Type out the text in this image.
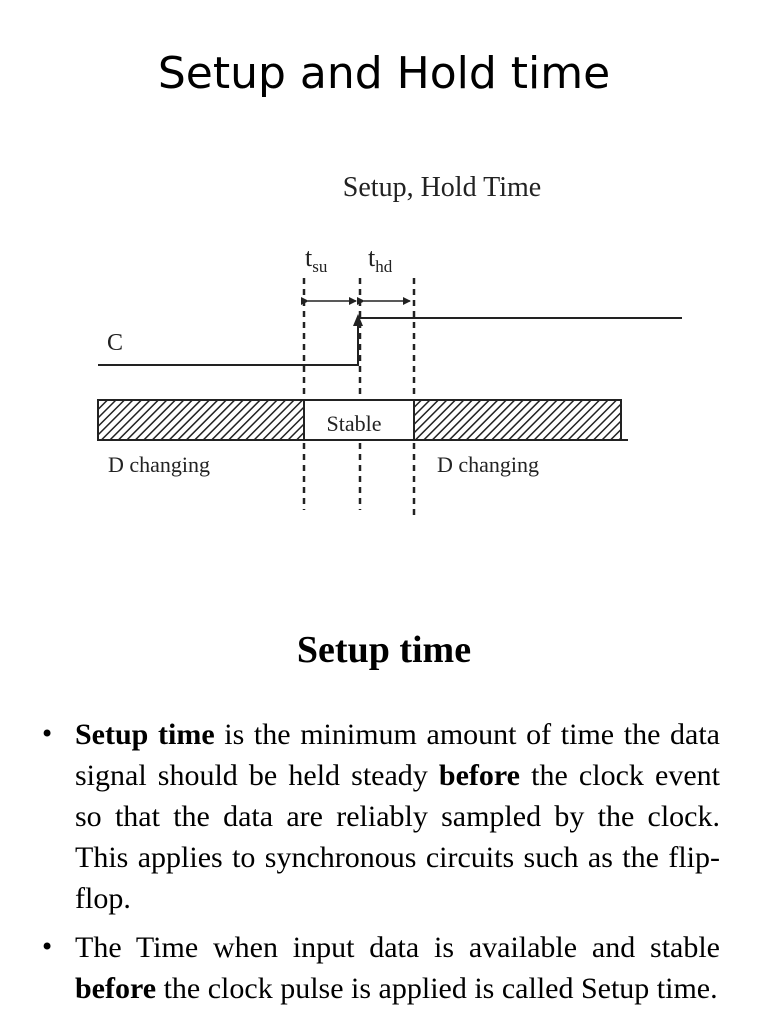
Setup and Hold time
Setup, Hold Time
$t_{su}$ $t_{hd}$
C
Stable
D changing	D changing
Setup time
• Setup time is the minimum amount of time the data signal should be held steady before the clock event so that the data are reliably sampled by the clock. This applies to synchronous circuits such as the flip-flop.
• The Time when input data is available and stable before the clock pulse is applied is called Setup time.
